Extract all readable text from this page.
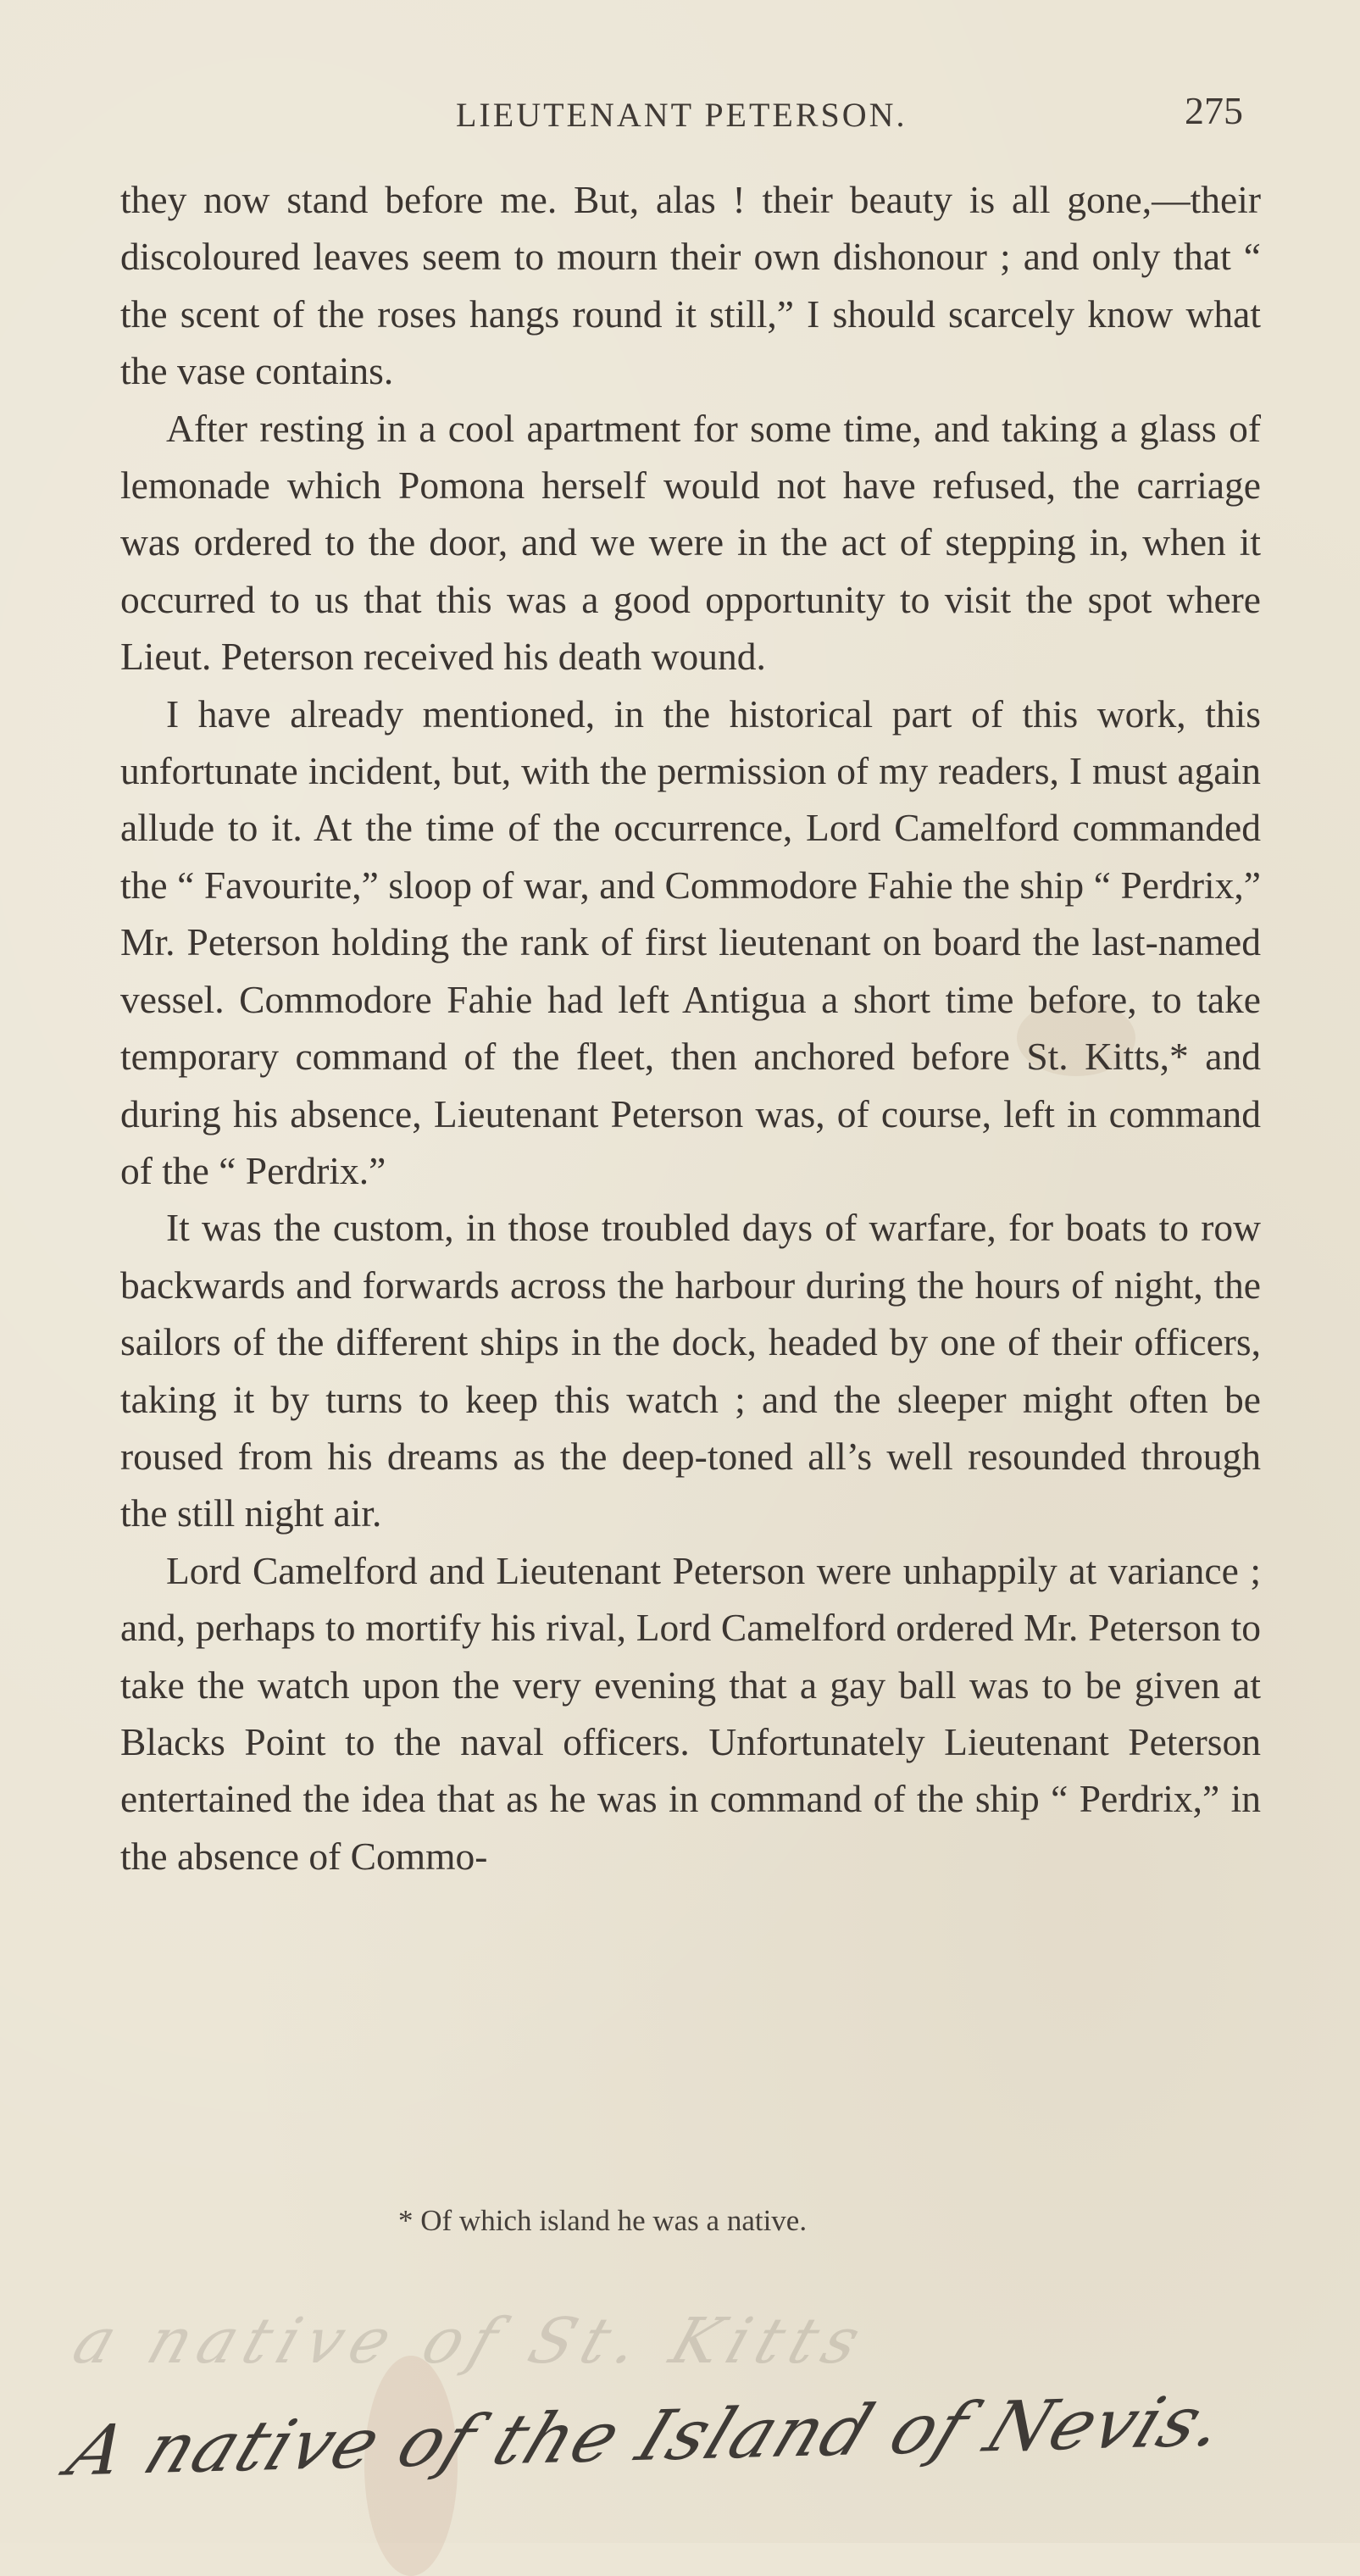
LIEUTENANT PETERSON.	275

they now stand before me. But, alas ! their beauty is all gone,—their discoloured leaves seem to mourn their own dishonour ; and only that “ the scent of the roses hangs round it still,” I should scarcely know what the vase contains.

After resting in a cool apartment for some time, and taking a glass of lemonade which Pomona herself would not have refused, the carriage was ordered to the door, and we were in the act of stepping in, when it occurred to us that this was a good opportunity to visit the spot where Lieut. Peterson received his death wound.

I have already mentioned, in the historical part of this work, this unfortunate incident, but, with the permission of my readers, I must again allude to it. At the time of the occurrence, Lord Camelford commanded the “ Favourite,” sloop of war, and Commodore Fahie the ship “ Perdrix,” Mr. Peterson holding the rank of first lieutenant on board the last-named vessel. Commodore Fahie had left Antigua a short time before, to take temporary command of the fleet, then anchored before St. Kitts,* and during his absence, Lieutenant Peterson was, of course, left in command of the “ Perdrix.”

It was the custom, in those troubled days of warfare, for boats to row backwards and forwards across the harbour during the hours of night, the sailors of the different ships in the dock, headed by one of their officers, taking it by turns to keep this watch ; and the sleeper might often be roused from his dreams as the deep-toned all’s well resounded through the still night air.

Lord Camelford and Lieutenant Peterson were unhappily at variance ; and, perhaps to mortify his rival, Lord Camelford ordered Mr. Peterson to take the watch upon the very evening that a gay ball was to be given at Blacks Point to the naval officers. Unfortunately Lieutenant Peterson entertained the idea that as he was in command of the ship “ Perdrix,” in the absence of Commo-

* Of which island he was a native.
a native of St. Kitts
A native of the Island of Nevis.
